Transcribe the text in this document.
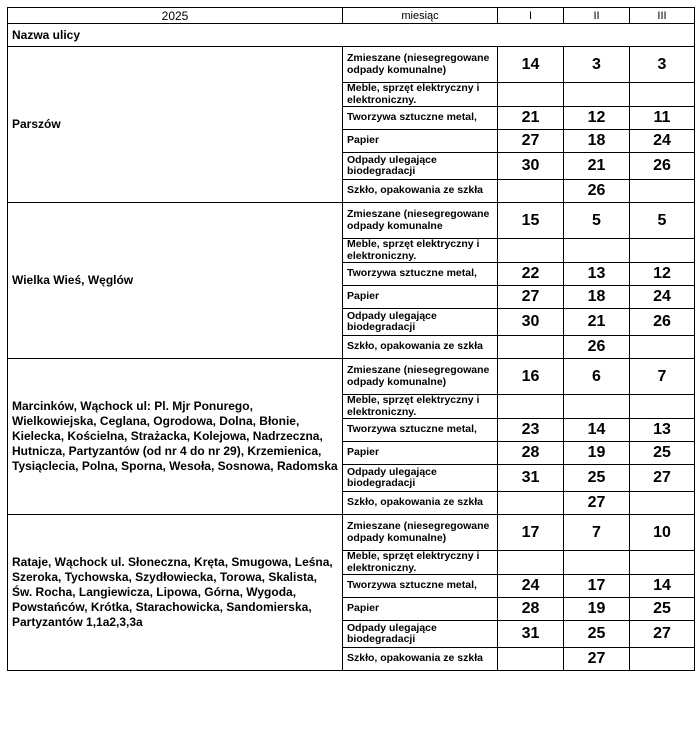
2025	miesiąc	I	II	III
Nazwa ulicy				
Parszów	Zmieszane (niesegregowane odpady komunalne)	14	3	3
	Meble, sprzęt elektryczny i elektroniczny.			
	Tworzywa sztuczne metal,	21	12	11
	Papier	27	18	24
	Odpady ulegające biodegradacji	30	21	26
	Szkło, opakowania ze szkła		26	
Wielka Wieś, Węglów	Zmieszane (niesegregowane odpady komunalne	15	5	5
	Meble, sprzęt elektryczny i elektroniczny.			
	Tworzywa sztuczne metal,	22	13	12
	Papier	27	18	24
	Odpady ulegające biodegradacji	30	21	26
	Szkło, opakowania ze szkła		26	
Marcinków, Wąchock ul: Pl. Mjr Ponurego, Wielkowiejska, Ceglana, Ogrodowa, Dolna, Błonie, Kielecka, Kościelna, Strażacka, Kolejowa, Nadrzeczna, Hutnicza, Partyzantów (od nr 4 do nr 29), Krzemienica, Tysiąclecia, Polna, Sporna, Wesoła, Sosnowa, Radomska	Zmieszane (niesegregowane odpady komunalne)	16	6	7
	Meble, sprzęt elektryczny i elektroniczny.			
	Tworzywa sztuczne metal,	23	14	13
	Papier	28	19	25
	Odpady ulegające biodegradacji	31	25	27
	Szkło, opakowania ze szkła		27	
Rataje, Wąchock ul. Słoneczna, Kręta, Smugowa, Leśna, Szeroka, Tychowska, Szydłowiecka, Torowa, Skalista, Św. Rocha, Langiewicza, Lipowa, Górna, Wygoda, Powstańców, Krótka, Starachowicka, Sandomierska, Partyzantów 1,1a2,3,3a	Zmieszane (niesegregowane odpady komunalne)	17	7	10
	Meble, sprzęt elektryczny i elektroniczny.			
	Tworzywa sztuczne metal,	24	17	14
	Papier	28	19	25
	Odpady ulegające biodegradacji	31	25	27
	Szkło, opakowania ze szkła		27	
